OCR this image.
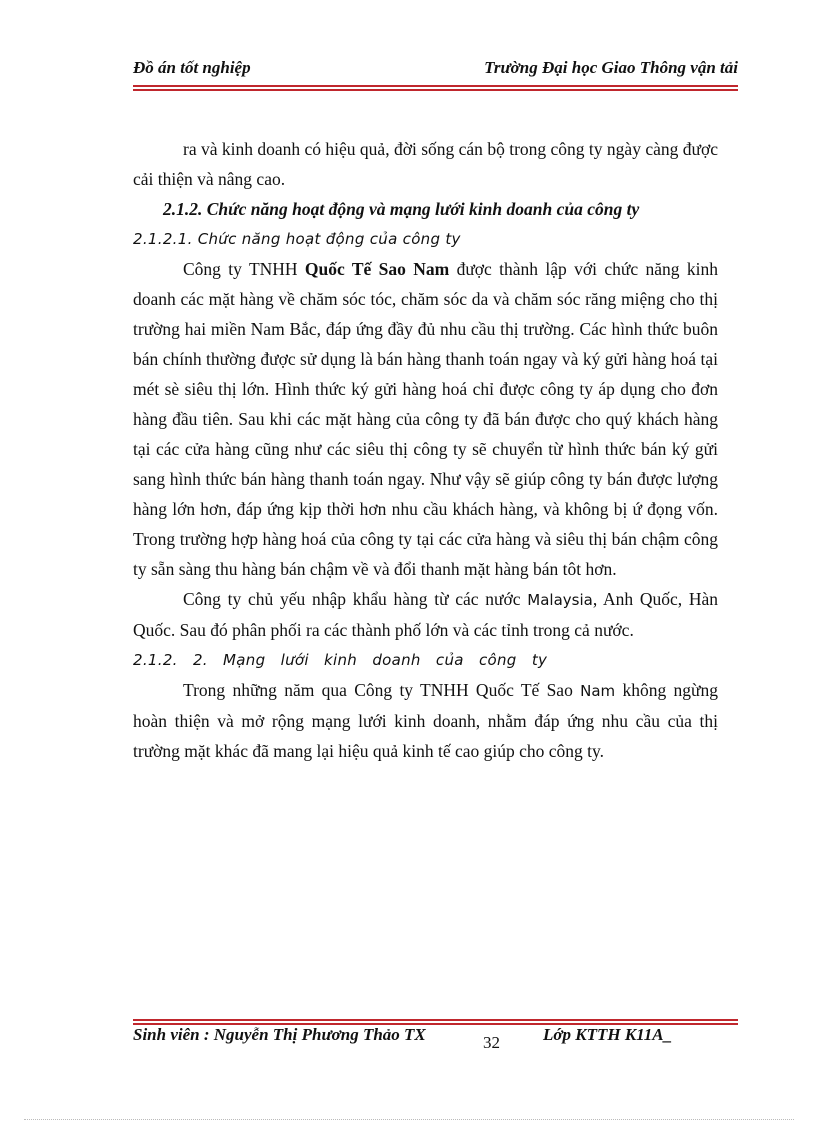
Đồ án tốt nghiệp	Trường Đại học Giao Thông vận tải

ra và kinh doanh có hiệu quả, đời sống cán bộ trong công ty ngày càng được cải thiện và nâng cao.

2.1.2. Chức năng hoạt động và mạng lưới kinh doanh của công ty

2.1.2.1. Chức năng hoạt động của công ty

Công ty TNHH Quốc Tế Sao Nam được thành lập với chức năng kinh doanh các mặt hàng về chăm sóc tóc, chăm sóc da và chăm sóc răng miệng cho thị trường hai miền Nam Bắc, đáp ứng đầy đủ nhu cầu thị trường. Các hình thức buôn bán chính thường được sử dụng là bán hàng thanh toán ngay và ký gửi hàng hoá tại mét sè siêu thị lớn. Hình thức ký gửi hàng hoá chỉ được công ty áp dụng cho đơn hàng đầu tiên. Sau khi các mặt hàng của công ty đã bán được cho quý khách hàng tại các cửa hàng cũng như các siêu thị công ty sẽ chuyển từ hình thức bán ký gửi sang hình thức bán hàng thanh toán ngay. Như vậy sẽ giúp công ty bán được lượng hàng lớn hơn, đáp ứng kịp thời hơn nhu cầu khách hàng, và không bị ứ đọng vốn. Trong trường hợp hàng hoá của công ty tại các cửa hàng và siêu thị bán chậm công ty sẵn sàng thu hàng bán chậm về và đổi thanh mặt hàng bán tôt hơn.

Công ty chủ yếu nhập khẩu hàng từ các nước Malaysia, Anh Quốc, Hàn Quốc. Sau đó phân phối ra các thành phố lớn và các tỉnh trong cả nước.

2.1.2.   2.   Mạng   lưới   kinh   doanh   của   công   ty

Trong những năm qua Công ty TNHH Quốc Tế Sao Nam không ngừng hoàn thiện và mở rộng mạng lưới kinh doanh, nhằm đáp ứng nhu cầu của thị trường mặt khác đã mang lại hiệu quả kinh tế cao giúp cho công ty.

Sinh viên : Nguyễn Thị Phương Thảo TX	32	Lớp KTTH K11A_
